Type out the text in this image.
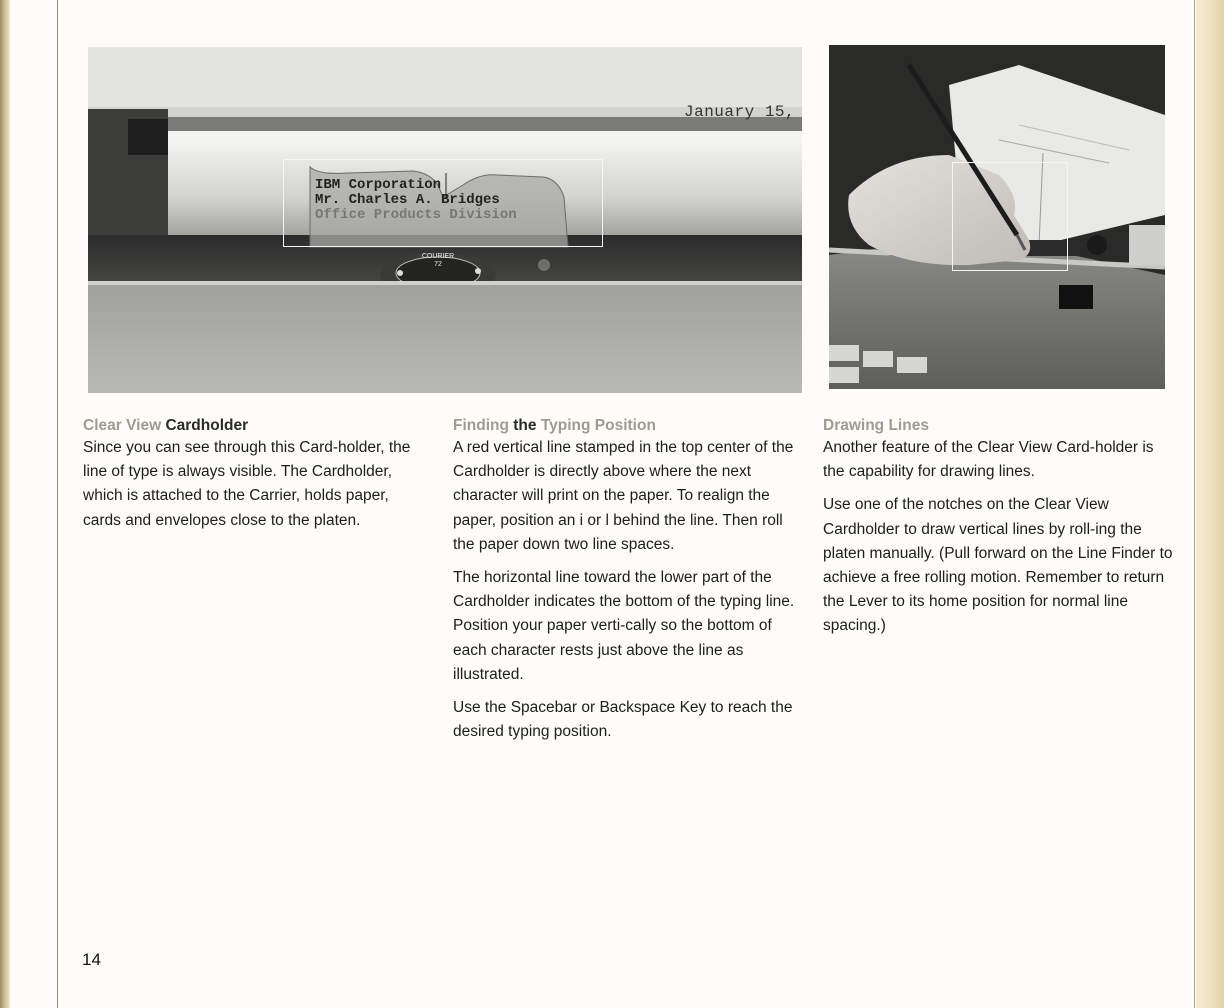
January 15,
IBM Corporation
Mr. Charles A. Bridges
Office Products Division
COURIER
72
Clear View Cardholder

Since you can see through this Card-holder, the line of type is always visible. The Cardholder, which is attached to the Carrier, holds paper, cards and envelopes close to the platen.

Finding the Typing Position

A red vertical line stamped in the top center of the Cardholder is directly above where the next character will print on the paper. To realign the paper, position an i or l behind the line. Then roll the paper down two line spaces.

The horizontal line toward the lower part of the Cardholder indicates the bottom of the typing line. Position your paper verti-cally so the bottom of each character rests just above the line as illustrated.

Use the Spacebar or Backspace Key to reach the desired typing position.

Drawing Lines

Another feature of the Clear View Card-holder is the capability for drawing lines.

Use one of the notches on the Clear View Cardholder to draw vertical lines by roll-ing the platen manually. (Pull forward on the Line Finder to achieve a free rolling motion. Remember to return the Lever to its home position for normal line spacing.)

14
